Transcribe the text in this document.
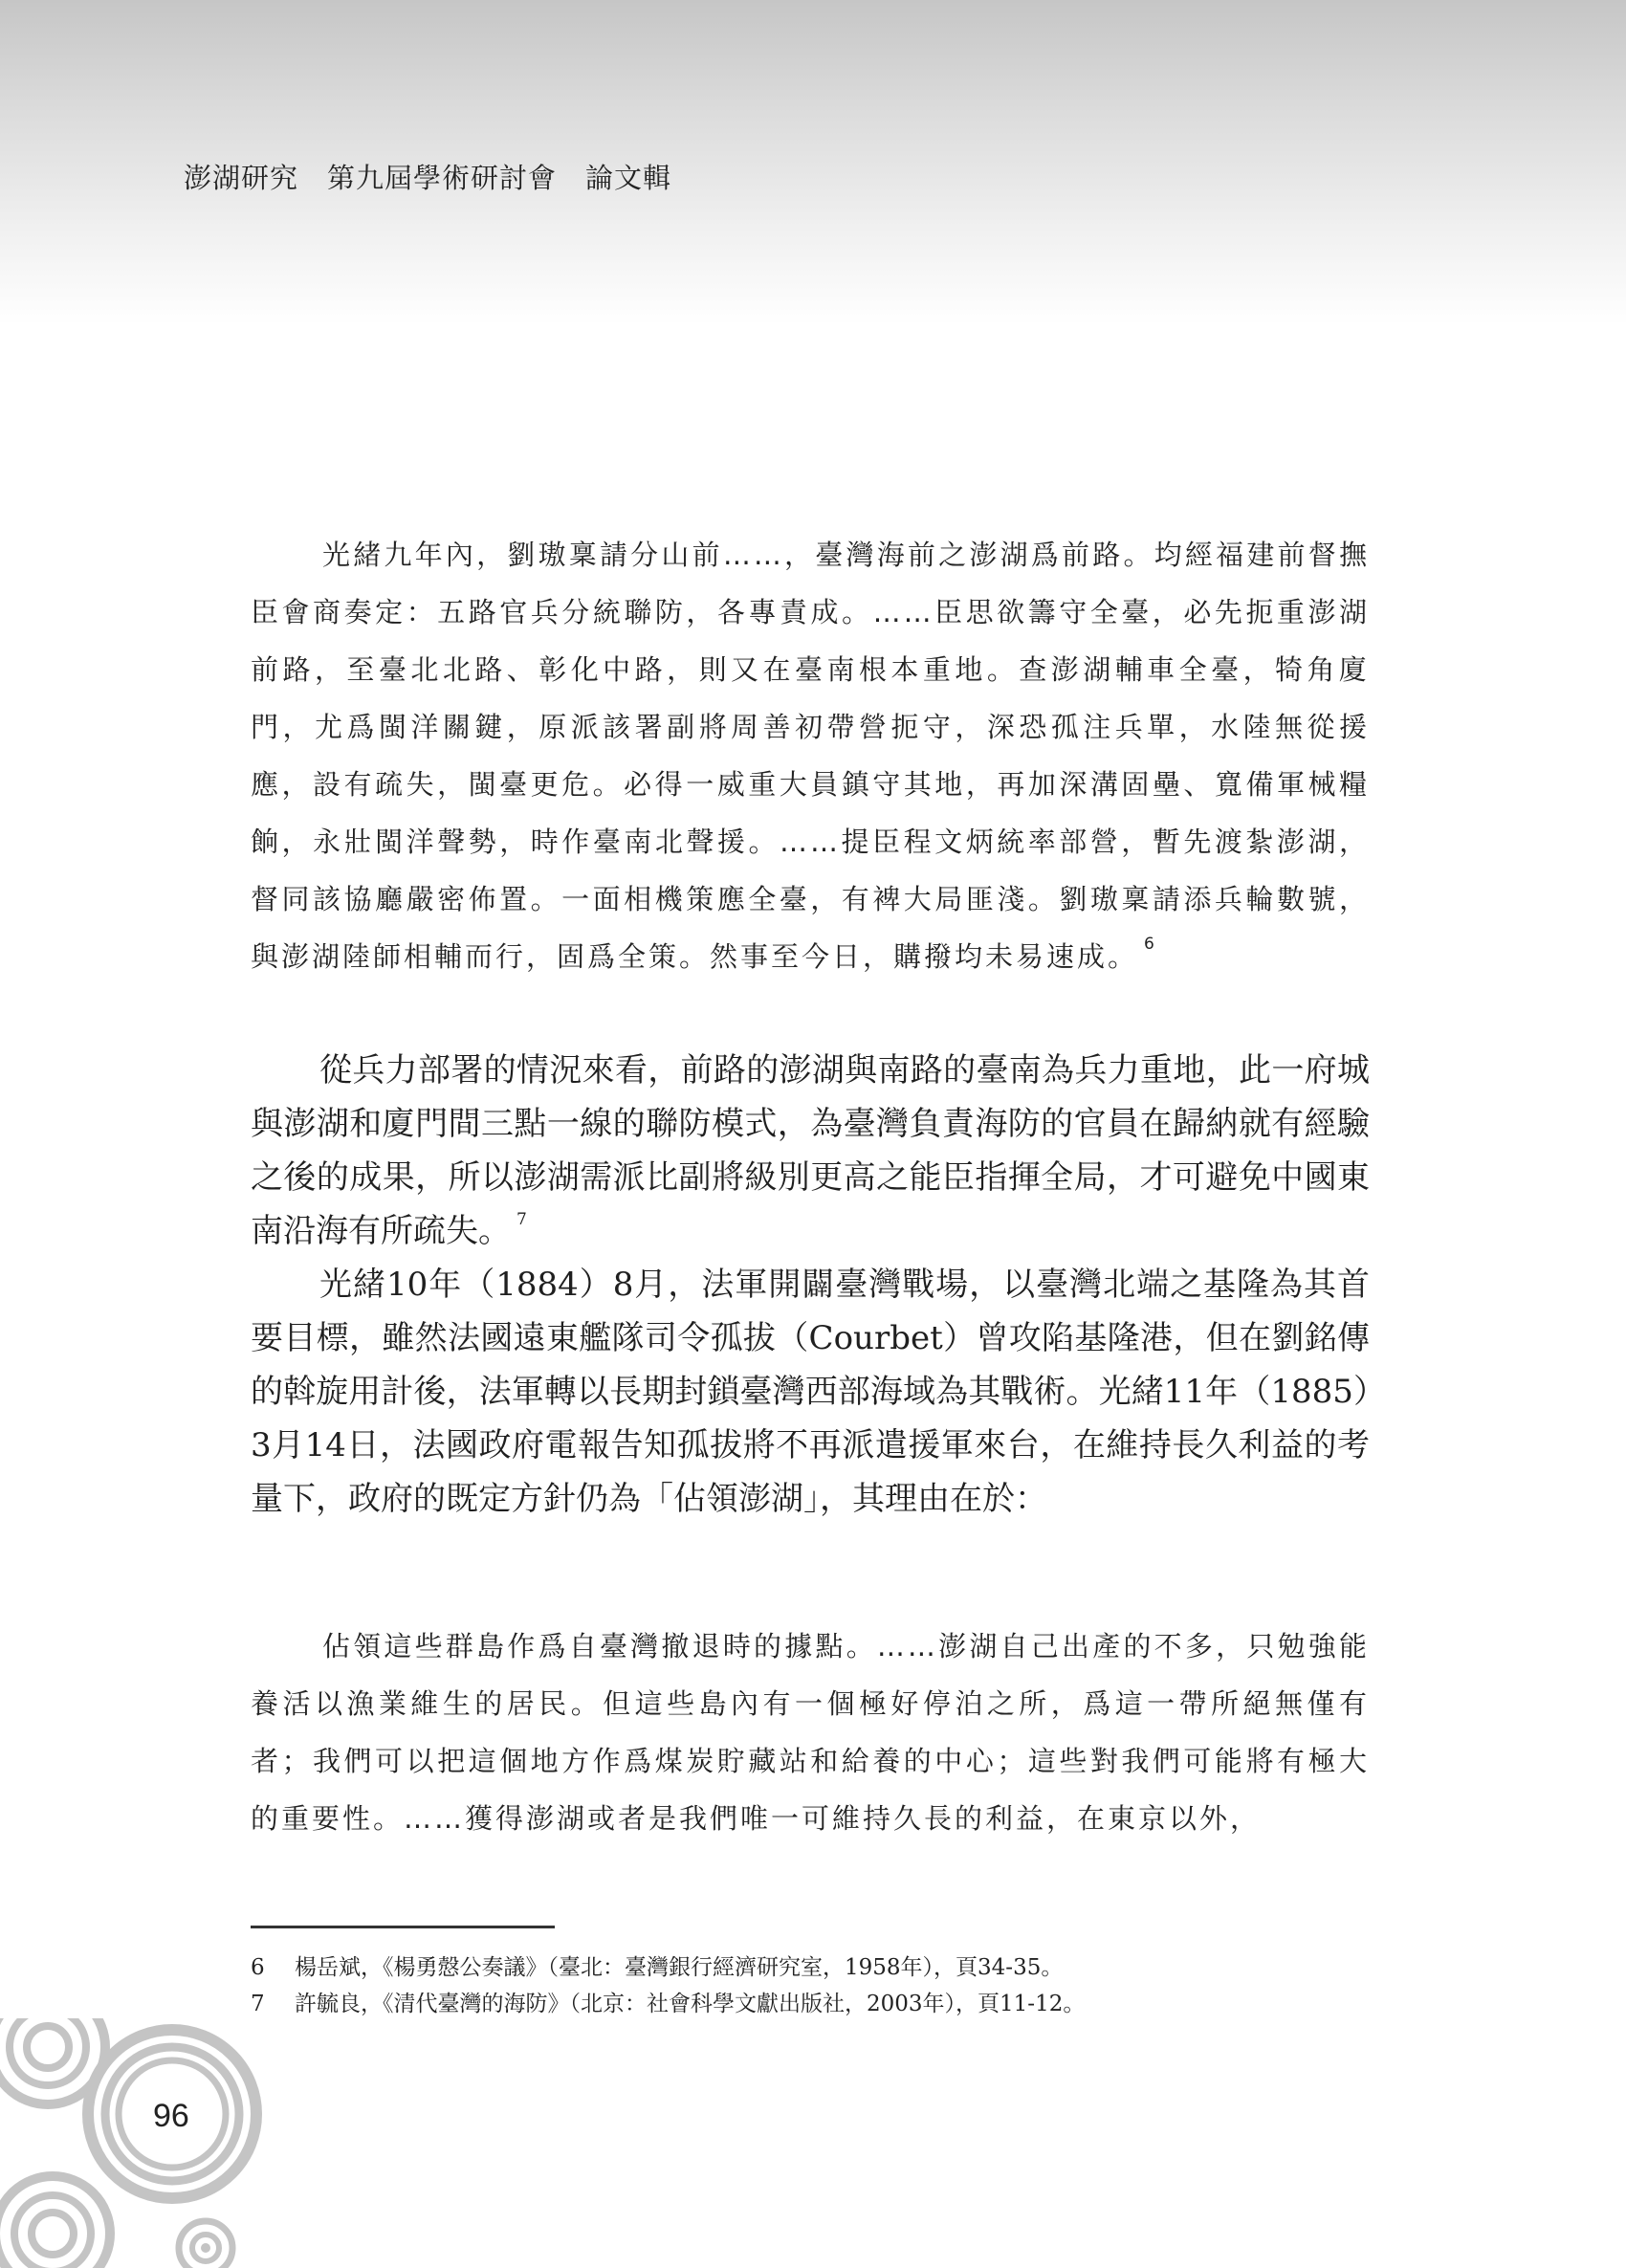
澎湖研究 第九屆學術研討會 論文輯

光緒九年內，劉璈稟請分山前……，臺灣海前之澎湖爲前路。均經福建前督撫臣會商奏定：五路官兵分統聯防，各專責成。……臣思欲籌守全臺，必先扼重澎湖前路，至臺北北路、彰化中路，則又在臺南根本重地。查澎湖輔車全臺，犄角廈門，尤爲閩洋關鍵，原派該署副將周善初帶營扼守，深恐孤注兵單，水陸無從援應，設有疏失，閩臺更危。必得一威重大員鎮守其地，再加深溝固壘、寬備軍械糧餉，永壯閩洋聲勢，時作臺南北聲援。……提臣程文炳統率部營，暫先渡紮澎湖，督同該協廳嚴密佈置。一面相機策應全臺，有裨大局匪淺。劉璈稟請添兵輪數號，與澎湖陸師相輔而行，固爲全策。然事至今日，購撥均未易速成。 $^6$

從兵力部署的情況來看，前路的澎湖與南路的臺南為兵力重地，此一府城與澎湖和廈門間三點一線的聯防模式，為臺灣負責海防的官員在歸納就有經驗之後的成果，所以澎湖需派比副將級別更高之能臣指揮全局，才可避免中國東南沿海有所疏失。 $^7$

光緒10年（1884）8月，法軍開闢臺灣戰場，以臺灣北端之基隆為其首要目標，雖然法國遠東艦隊司令孤拔（Courbet）曾攻陷基隆港，但在劉銘傳的斡旋用計後，法軍轉以長期封鎖臺灣西部海域為其戰術。光緒11年（1885）3月14日，法國政府電報告知孤拔將不再派遣援軍來台，在維持長久利益的考量下，政府的既定方針仍為「佔領澎湖」，其理由在於：

佔領這些群島作爲自臺灣撤退時的據點。……澎湖自己出產的不多，只勉強能養活以漁業維生的居民。但這些島內有一個極好停泊之所，爲這一帶所絕無僅有者；我們可以把這個地方作爲煤炭貯藏站和給養的中心；這些對我們可能將有極大的重要性。……獲得澎湖或者是我們唯一可維持久長的利益，在東京以外，

6 楊岳斌，《楊勇慤公奏議》（臺北：臺灣銀行經濟研究室，1958年），頁34-35。
7 許毓良，《清代臺灣的海防》（北京：社會科學文獻出版社，2003年），頁11-12。
96
